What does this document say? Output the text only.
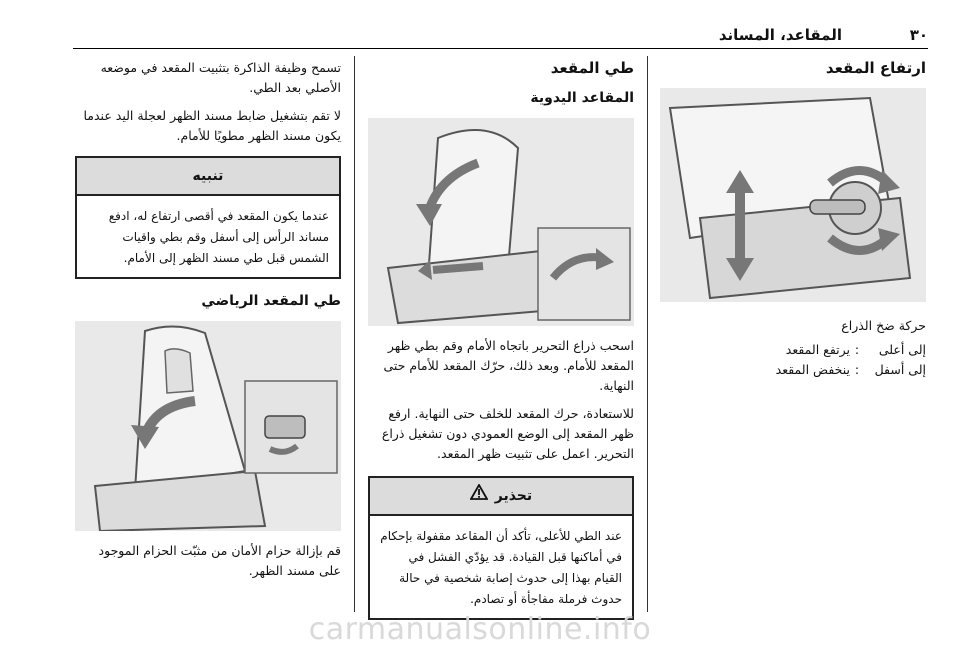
٣٠
المقاعد، المساند
ارتفاع المقعد

حركة ضخ الذراع

إلى أعلى
:
يرتفع المقعد
إلى أسفل
:
ينخفض المقعد
طي المقعد
المقاعد اليدوية

اسحب ذراع التحرير باتجاه الأمام وقم بطي ظهر المقعد للأمام. وبعد ذلك، حرّك المقعد للأمام حتى النهاية.

للاستعادة، حرك المقعد للخلف حتى النهاية. ارفع ظهر المقعد إلى الوضع العمودي دون تشغيل ذراع التحرير. اعمل على تثبيت ظهر المقعد.

تحذير
عند الطي للأعلى، تأكد أن المقاعد مقفولة بإحكام في أماكنها قبل القيادة. قد يؤدّي الفشل في القيام بهذا إلى حدوث إصابة شخصية في حالة حدوث فرملة مفاجأة أو تصادم.

تسمح وظيفة الذاكرة بتثبيت المقعد في موضعه الأصلي بعد الطي.

لا تقم بتشغيل ضابط مسند الظهر لعجلة اليد عندما يكون مسند الظهر مطويًا للأمام.

تنبيه
عندما يكون المقعد في أقصى ارتفاع له، ادفع مساند الرأس إلى أسفل وقم بطي واقيات الشمس قبل طي مسند الظهر إلى الأمام.
طي المقعد الرياضي

قم بإزالة حزام الأمان من مثبّت الحزام الموجود على مسند الظهر.

carmanualsonline.info
